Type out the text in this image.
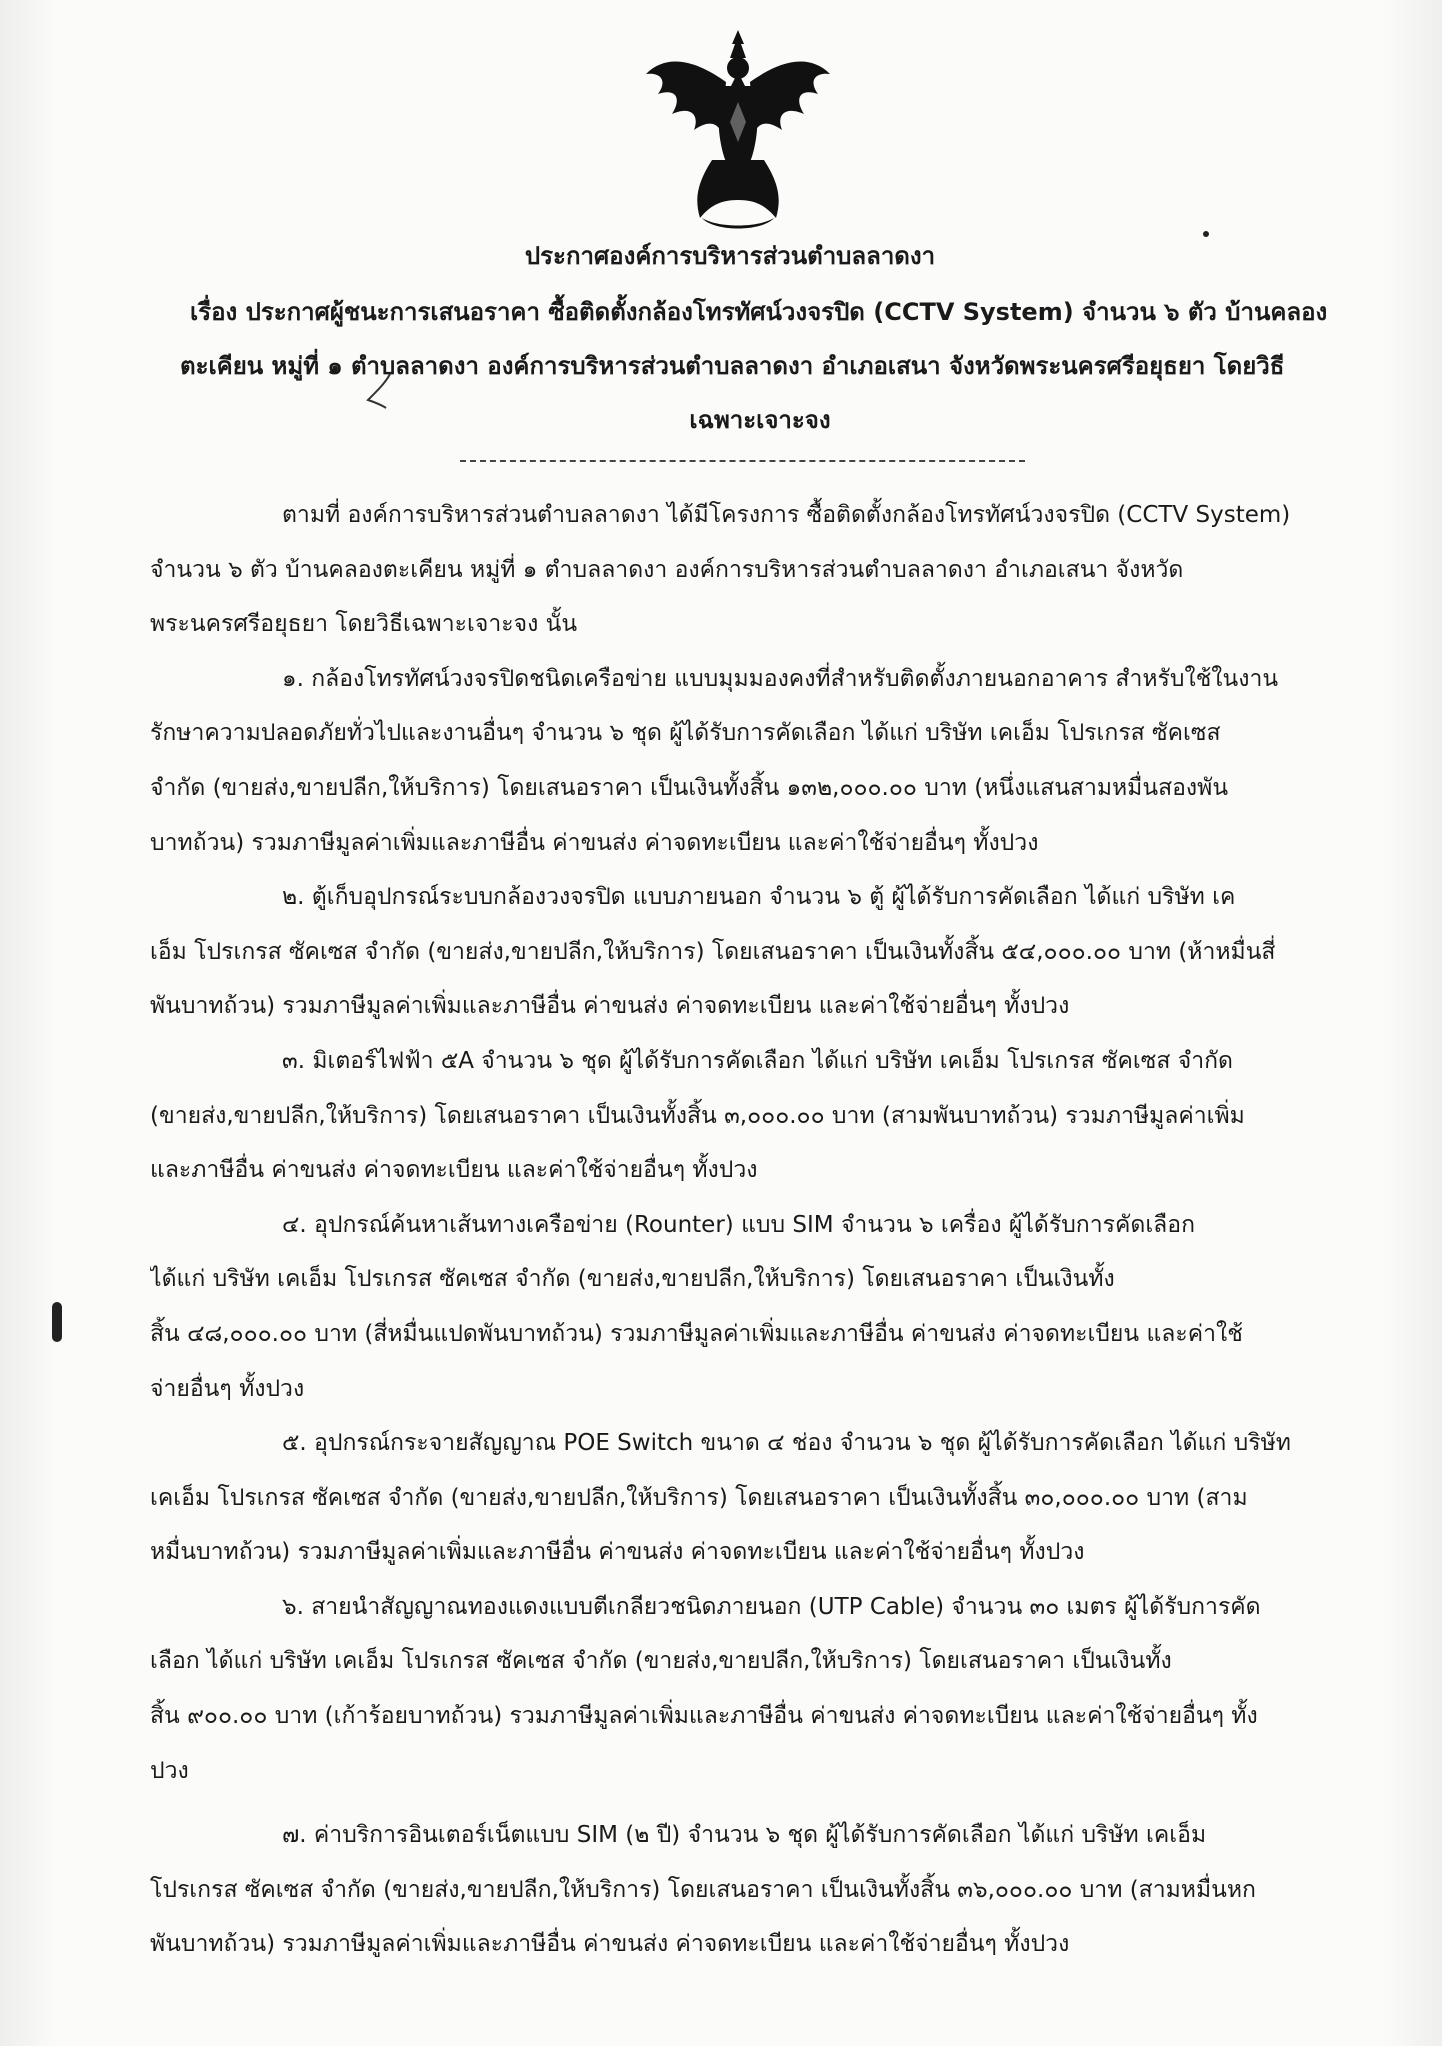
ประกาศองค์การบริหารส่วนตำบลลาดงา
เรื่อง ประกาศผู้ชนะการเสนอราคา ซื้อติดตั้งกล้องโทรทัศน์วงจรปิด (CCTV System) จำนวน ๖ ตัว บ้านคลอง
ตะเคียน หมู่ที่ ๑ ตำบลลาดงา องค์การบริหารส่วนตำบลลาดงา อำเภอเสนา จังหวัดพระนครศรีอยุธยา โดยวิธี
เฉพาะเจาะจง
ตามที่ องค์การบริหารส่วนตำบลลาดงา ได้มีโครงการ ซื้อติดตั้งกล้องโทรทัศน์วงจรปิด (CCTV System)
จำนวน ๖ ตัว บ้านคลองตะเคียน หมู่ที่ ๑ ตำบลลาดงา องค์การบริหารส่วนตำบลลาดงา อำเภอเสนา จังหวัด
พระนครศรีอยุธยา โดยวิธีเฉพาะเจาะจง นั้น
๑. กล้องโทรทัศน์วงจรปิดชนิดเครือข่าย แบบมุมมองคงที่สำหรับติดตั้งภายนอกอาคาร สำหรับใช้ในงาน
รักษาความปลอดภัยทั่วไปและงานอื่นๆ จำนวน ๖ ชุด ผู้ได้รับการคัดเลือก ได้แก่ บริษัท เคเอ็ม โปรเกรส ซัคเซส
จำกัด (ขายส่ง,ขายปลีก,ให้บริการ) โดยเสนอราคา เป็นเงินทั้งสิ้น ๑๓๒,๐๐๐.๐๐ บาท (หนึ่งแสนสามหมื่นสองพัน
บาทถ้วน) รวมภาษีมูลค่าเพิ่มและภาษีอื่น ค่าขนส่ง ค่าจดทะเบียน และค่าใช้จ่ายอื่นๆ ทั้งปวง
๒. ตู้เก็บอุปกรณ์ระบบกล้องวงจรปิด แบบภายนอก จำนวน ๖ ตู้ ผู้ได้รับการคัดเลือก ได้แก่ บริษัท เค
เอ็ม โปรเกรส ซัคเซส จำกัด (ขายส่ง,ขายปลีก,ให้บริการ) โดยเสนอราคา เป็นเงินทั้งสิ้น ๕๔,๐๐๐.๐๐ บาท (ห้าหมื่นสี่
พันบาทถ้วน) รวมภาษีมูลค่าเพิ่มและภาษีอื่น ค่าขนส่ง ค่าจดทะเบียน และค่าใช้จ่ายอื่นๆ ทั้งปวง
๓. มิเตอร์ไฟฟ้า ๕A จำนวน ๖ ชุด ผู้ได้รับการคัดเลือก ได้แก่ บริษัท เคเอ็ม โปรเกรส ซัคเซส จำกัด
(ขายส่ง,ขายปลีก,ให้บริการ) โดยเสนอราคา เป็นเงินทั้งสิ้น ๓,๐๐๐.๐๐ บาท (สามพันบาทถ้วน) รวมภาษีมูลค่าเพิ่ม
และภาษีอื่น ค่าขนส่ง ค่าจดทะเบียน และค่าใช้จ่ายอื่นๆ ทั้งปวง
๔. อุปกรณ์ค้นหาเส้นทางเครือข่าย (Rounter) แบบ SIM จำนวน ๖ เครื่อง ผู้ได้รับการคัดเลือก
ได้แก่ บริษัท เคเอ็ม โปรเกรส ซัคเซส จำกัด (ขายส่ง,ขายปลีก,ให้บริการ) โดยเสนอราคา เป็นเงินทั้ง
สิ้น ๔๘,๐๐๐.๐๐ บาท (สี่หมื่นแปดพันบาทถ้วน) รวมภาษีมูลค่าเพิ่มและภาษีอื่น ค่าขนส่ง ค่าจดทะเบียน และค่าใช้
จ่ายอื่นๆ ทั้งปวง
๕. อุปกรณ์กระจายสัญญาณ POE Switch ขนาด ๔ ช่อง จำนวน ๖ ชุด ผู้ได้รับการคัดเลือก ได้แก่ บริษัท
เคเอ็ม โปรเกรส ซัคเซส จำกัด (ขายส่ง,ขายปลีก,ให้บริการ) โดยเสนอราคา เป็นเงินทั้งสิ้น ๓๐,๐๐๐.๐๐ บาท (สาม
หมื่นบาทถ้วน) รวมภาษีมูลค่าเพิ่มและภาษีอื่น ค่าขนส่ง ค่าจดทะเบียน และค่าใช้จ่ายอื่นๆ ทั้งปวง
๖. สายนำสัญญาณทองแดงแบบตีเกลียวชนิดภายนอก (UTP Cable) จำนวน ๓๐ เมตร ผู้ได้รับการคัด
เลือก ได้แก่ บริษัท เคเอ็ม โปรเกรส ซัคเซส จำกัด (ขายส่ง,ขายปลีก,ให้บริการ) โดยเสนอราคา เป็นเงินทั้ง
สิ้น ๙๐๐.๐๐ บาท (เก้าร้อยบาทถ้วน) รวมภาษีมูลค่าเพิ่มและภาษีอื่น ค่าขนส่ง ค่าจดทะเบียน และค่าใช้จ่ายอื่นๆ ทั้ง
ปวง
๗. ค่าบริการอินเตอร์เน็ตแบบ SIM (๒ ปี) จำนวน ๖ ชุด ผู้ได้รับการคัดเลือก ได้แก่ บริษัท เคเอ็ม
โปรเกรส ซัคเซส จำกัด (ขายส่ง,ขายปลีก,ให้บริการ) โดยเสนอราคา เป็นเงินทั้งสิ้น ๓๖,๐๐๐.๐๐ บาท (สามหมื่นหก
พันบาทถ้วน) รวมภาษีมูลค่าเพิ่มและภาษีอื่น ค่าขนส่ง ค่าจดทะเบียน และค่าใช้จ่ายอื่นๆ ทั้งปวง
